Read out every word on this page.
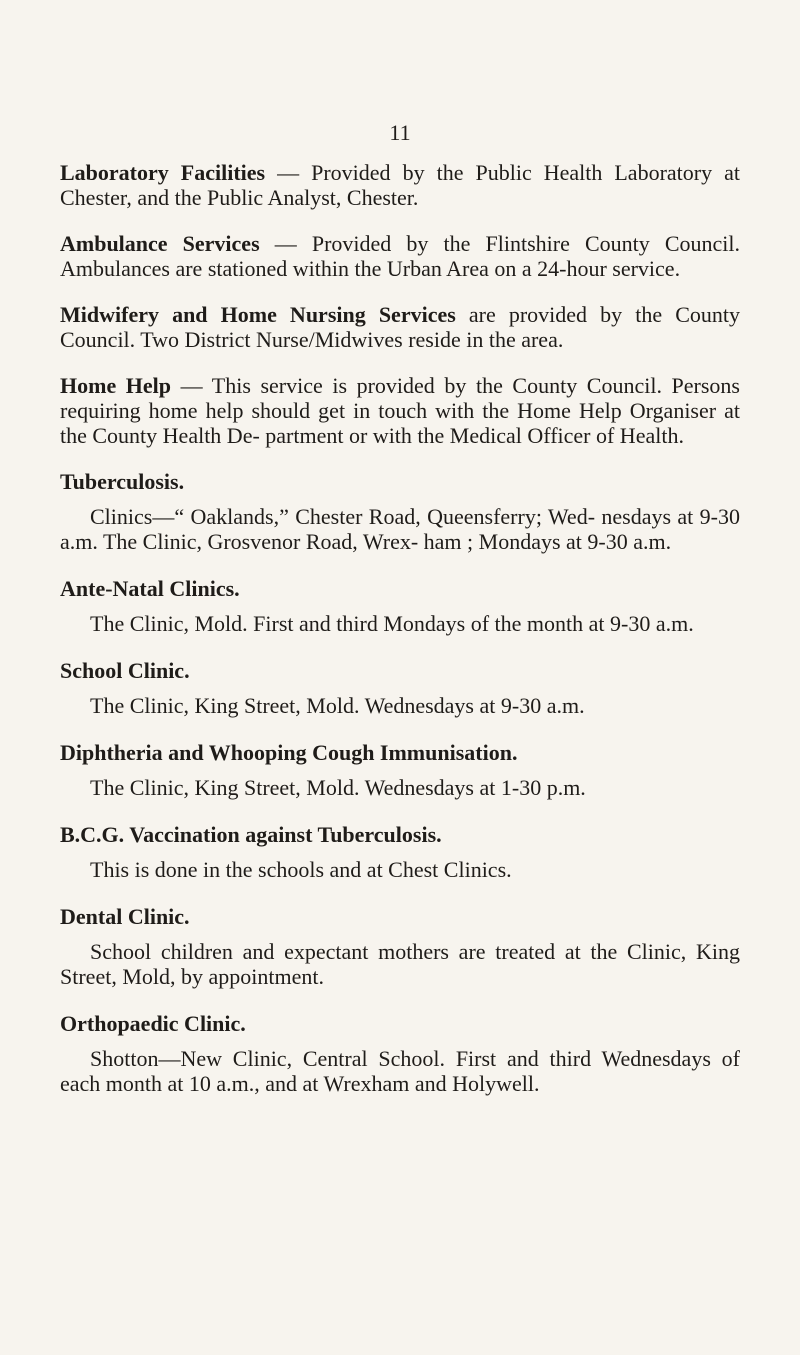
11

Laboratory Facilities — Provided by the Public Health Laboratory at Chester, and the Public Analyst, Chester.

Ambulance Services — Provided by the Flintshire County Council. Ambulances are stationed within the Urban Area on a 24-hour service.

Midwifery and Home Nursing Services are provided by the County Council. Two District Nurse/Midwives reside in the area.

Home Help — This service is provided by the County Council. Persons requiring home help should get in touch with the Home Help Organiser at the County Health De- partment or with the Medical Officer of Health.

Tuberculosis.
Clinics—“ Oaklands,” Chester Road, Queensferry; Wed- nesdays at 9-30 a.m. The Clinic, Grosvenor Road, Wrex- ham ; Mondays at 9-30 a.m.
Ante-Natal Clinics.
The Clinic, Mold. First and third Mondays of the month at 9-30 a.m.
School Clinic.
The Clinic, King Street, Mold. Wednesdays at 9-30 a.m.
Diphtheria and Whooping Cough Immunisation.
The Clinic, King Street, Mold. Wednesdays at 1-30 p.m.
B.C.G. Vaccination against Tuberculosis.
This is done in the schools and at Chest Clinics.
Dental Clinic.
School children and expectant mothers are treated at the Clinic, King Street, Mold, by appointment.
Orthopaedic Clinic.
Shotton—New Clinic, Central School. First and third Wednesdays of each month at 10 a.m., and at Wrexham and Holywell.
